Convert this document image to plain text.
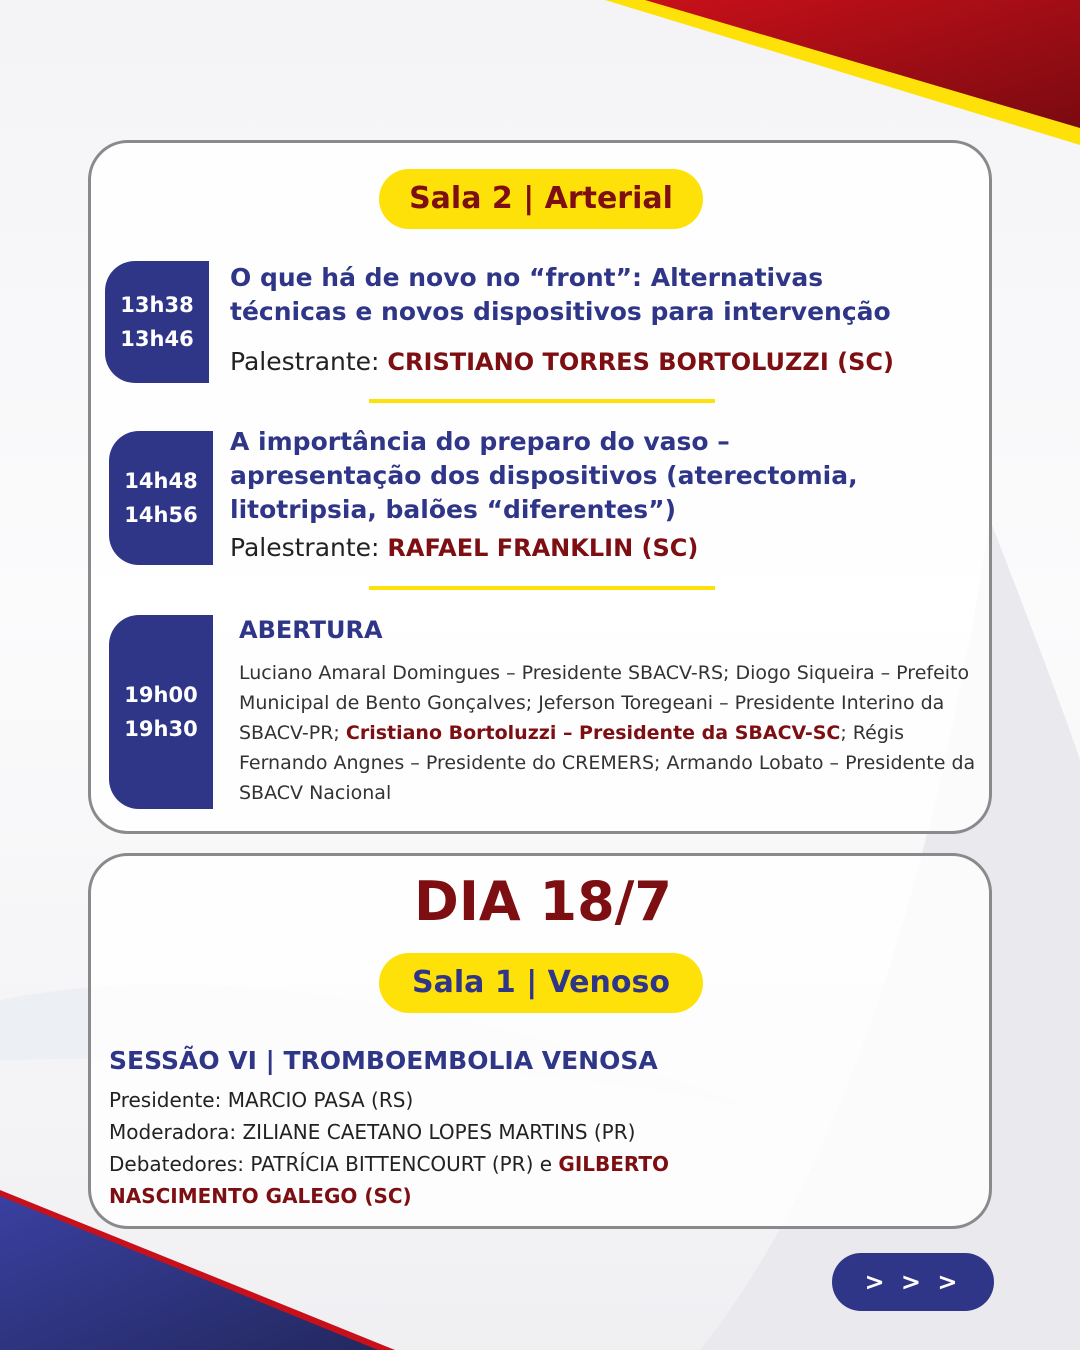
Sala 2 | Arterial
13h38
13h46
O que há de novo no “front”: Alternativas
técnicas e novos dispositivos para intervenção
Palestrante: CRISTIANO TORRES BORTOLUZZI (SC)
14h48
14h56
A importância do preparo do vaso –
apresentação dos dispositivos (aterectomia,
litotripsia, balões “diferentes”)
Palestrante: RAFAEL FRANKLIN (SC)
19h00
19h30
ABERTURA
Luciano Amaral Domingues – Presidente SBACV-RS; Diogo Siqueira – Prefeito Municipal de Bento Gonçalves; Jeferson Toregeani – Presidente Interino da SBACV-PR; Cristiano Bortoluzzi – Presidente da SBACV-SC; Régis Fernando Angnes – Presidente do CREMERS; Armando Lobato – Presidente da SBACV Nacional
DIA 18/7
Sala 1 | Venoso
SESSÃO VI | TROMBOEMBOLIA VENOSA
Presidente: MARCIO PASA (RS)
Moderadora: ZILIANE CAETANO LOPES MARTINS (PR)
Debatedores: PATRÍCIA BITTENCOURT (PR) e GILBERTO NASCIMENTO GALEGO (SC)
> > >
